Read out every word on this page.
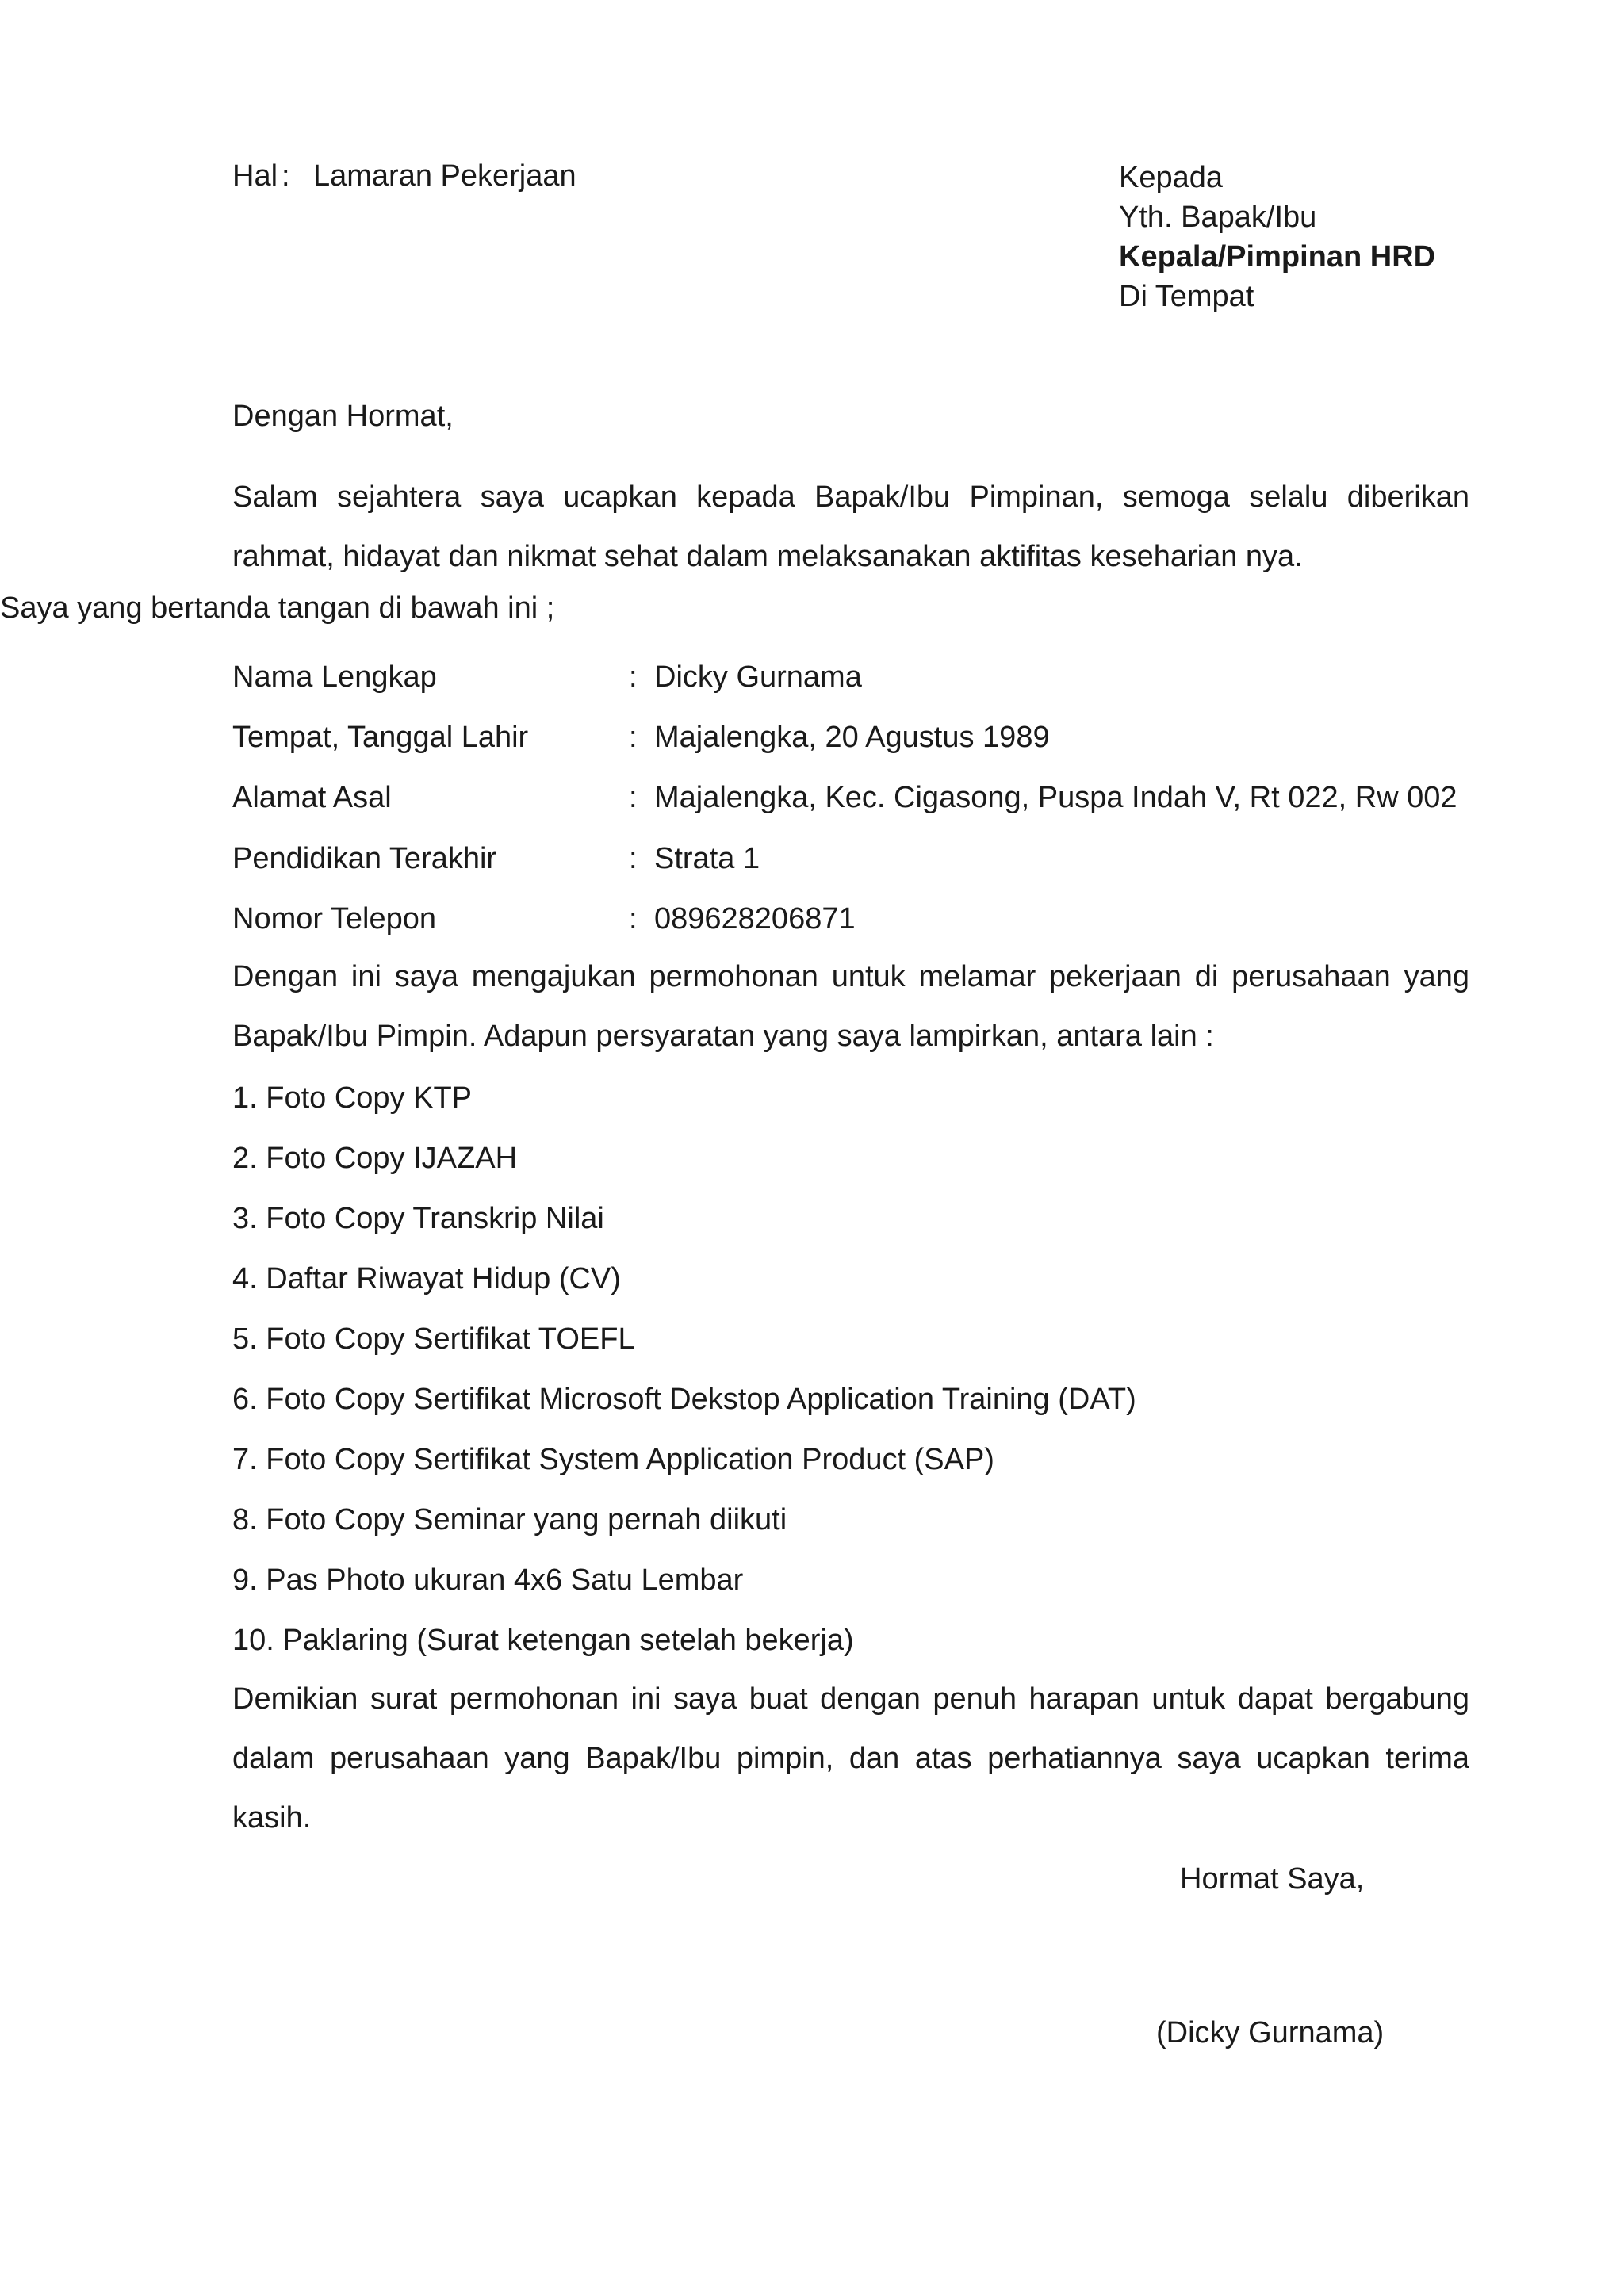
Hal : Lamaran Pekerjaan	Kepada
Yth. Bapak/Ibu
Kepala/Pimpinan HRD
Di Tempat
Dengan Hormat,
Salam sejahtera saya ucapkan kepada Bapak/Ibu Pimpinan, semoga selalu diberikan rahmat, hidayat dan nikmat sehat dalam melaksanakan aktifitas keseharian nya.
Saya yang bertanda tangan di bawah ini ;
Nama Lengkap	: Dicky Gurnama
Tempat, Tanggal Lahir	: Majalengka, 20 Agustus 1989
Alamat Asal	: Majalengka, Kec. Cigasong, Puspa Indah V, Rt 022, Rw 002
Pendidikan Terakhir	: Strata 1
Nomor Telepon	: 089628206871
Dengan ini saya mengajukan permohonan untuk melamar pekerjaan di perusahaan yang Bapak/Ibu Pimpin. Adapun persyaratan yang saya lampirkan, antara lain :
1. Foto Copy KTP
2. Foto Copy IJAZAH
3. Foto Copy Transkrip Nilai
4. Daftar Riwayat Hidup (CV)
5. Foto Copy Sertifikat TOEFL
6. Foto Copy Sertifikat Microsoft Dekstop Application Training (DAT)
7. Foto Copy Sertifikat System Application Product (SAP)
8. Foto Copy Seminar yang pernah diikuti
9. Pas Photo ukuran 4x6 Satu Lembar
10. Paklaring (Surat ketengan setelah bekerja)
Demikian surat permohonan ini saya buat dengan penuh harapan untuk dapat bergabung dalam perusahaan yang Bapak/Ibu pimpin, dan atas perhatiannya saya ucapkan terima kasih.
Hormat Saya,
(Dicky Gurnama)
